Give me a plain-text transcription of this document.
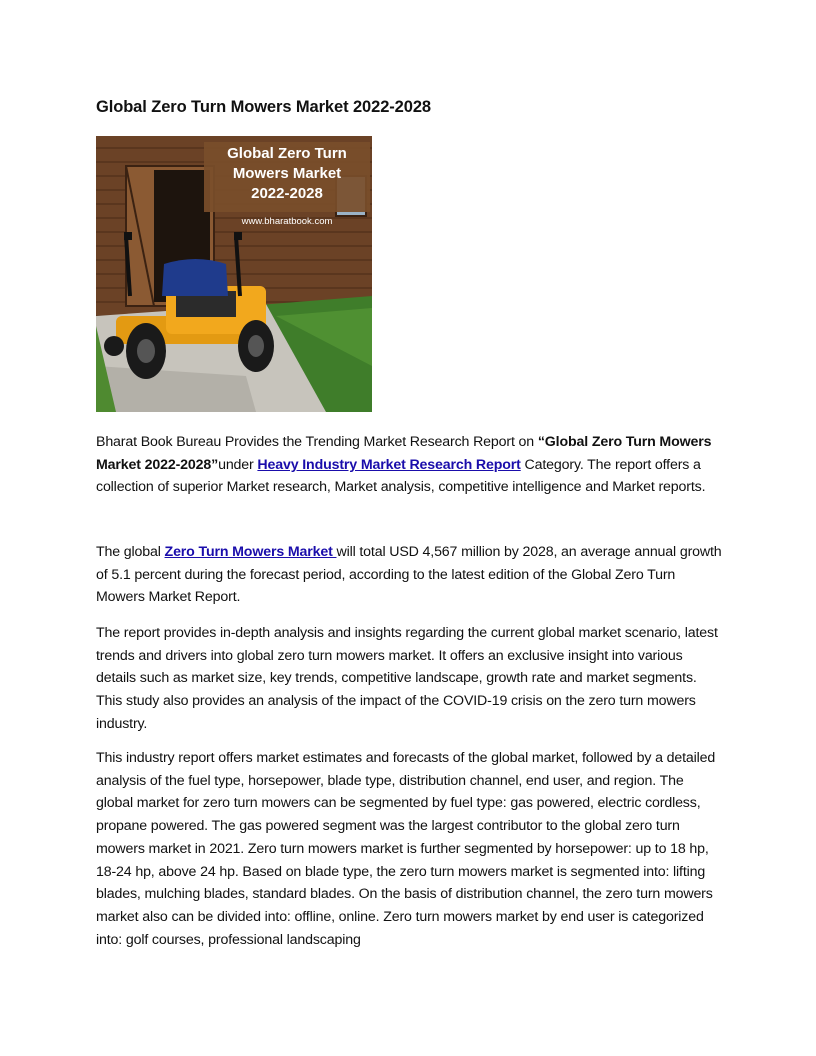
Global Zero Turn Mowers Market 2022-2028
Global Zero Turn
Mowers Market
2022-2028
www.bharatbook.com

Bharat Book Bureau Provides the Trending Market Research Report on “Global Zero Turn Mowers Market 2022-2028”under Heavy Industry Market Research Report Category. The report offers a collection of superior Market research, Market analysis, competitive intelligence and Market reports.

The global Zero Turn Mowers Market will total USD 4,567 million by 2028, an average annual growth of 5.1 percent during the forecast period, according to the latest edition of the Global Zero Turn Mowers Market Report.

The report provides in-depth analysis and insights regarding the current global market scenario, latest trends and drivers into global zero turn mowers market. It offers an exclusive insight into various details such as market size, key trends, competitive landscape, growth rate and market segments. This study also provides an analysis of the impact of the COVID-19 crisis on the zero turn mowers industry.

This industry report offers market estimates and forecasts of the global market, followed by a detailed analysis of the fuel type, horsepower, blade type, distribution channel, end user, and region. The global market for zero turn mowers can be segmented by fuel type: gas powered, electric cordless, propane powered. The gas powered segment was the largest contributor to the global zero turn mowers market in 2021. Zero turn mowers market is further segmented by horsepower: up to 18 hp, 18-24 hp, above 24 hp. Based on blade type, the zero turn mowers market is segmented into: lifting blades, mulching blades, standard blades. On the basis of distribution channel, the zero turn mowers market also can be divided into: offline, online. Zero turn mowers market by end user is categorized into: golf courses, professional landscaping
